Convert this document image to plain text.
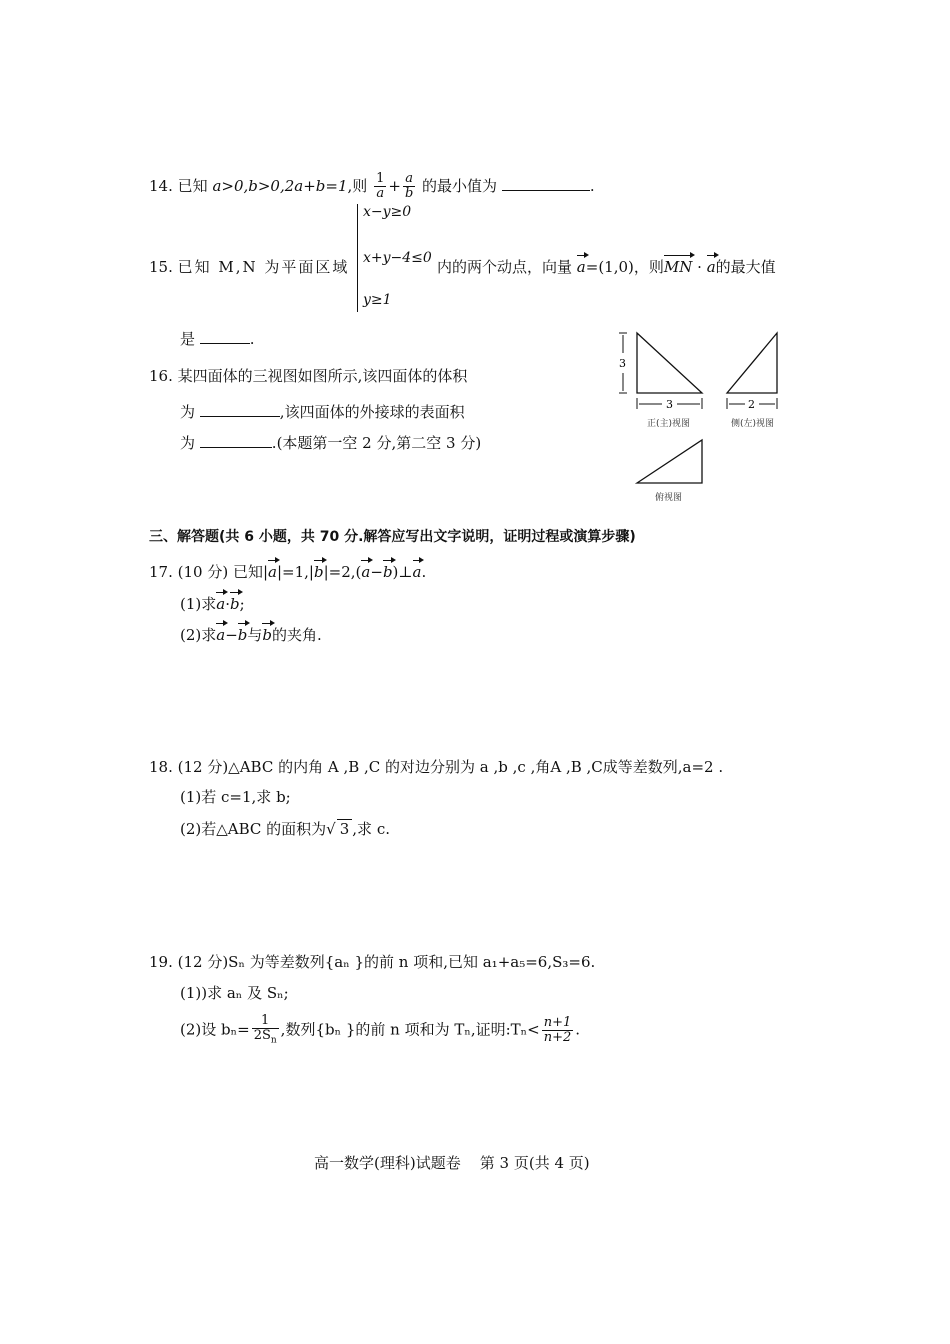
14. 已知 a>0,b>0,2a+b=1,则 $\frac{1}{a} + \frac{a}{b}$ 的最小值为	.
15. 已知 M,N 为平面区域
x−y≥0
x+y−4≤0
y≥1
内的两个动点，向量 a=(1,0)，则MN · a的最大值
是	.
16. 某四面体的三视图如图所示,该四面体的体积
为	,该四面体的外接球的表面积
为	.(本题第一空 2 分,第二空 3 分)
3
3
正(主)视图
2
侧(左)视图
俯视图
三、解答题(共 6 小题，共 70 分.解答应写出文字说明，证明过程或演算步骤)
17. (10 分) 已知|a|=1,|b|=2,(a−b)⊥a.
(1)求a·b;
(2)求a−b与b的夹角.
18. (12 分)△ABC 的内角 A ,B ,C 的对边分别为 a ,b ,c ,角A ,B ,C成等差数列,a=2 .
(1)若 c=1,求 b;
(2)若△ABC 的面积为√ 3 ,求 c.
19. (12 分)Sₙ 为等差数列{aₙ }的前 n 项和,已知 a₁+a₅=6,S₃=6.
(1))求 aₙ 及 Sₙ;
(2)设 $b_n= \frac{1}{2S_n}$ ,数列{bₙ }的前 n 项和为 Tₙ,证明:Tₙ< $\frac{n+1}{n+2}$ .
高一数学(理科)试题卷    第 3 页(共 4 页)
